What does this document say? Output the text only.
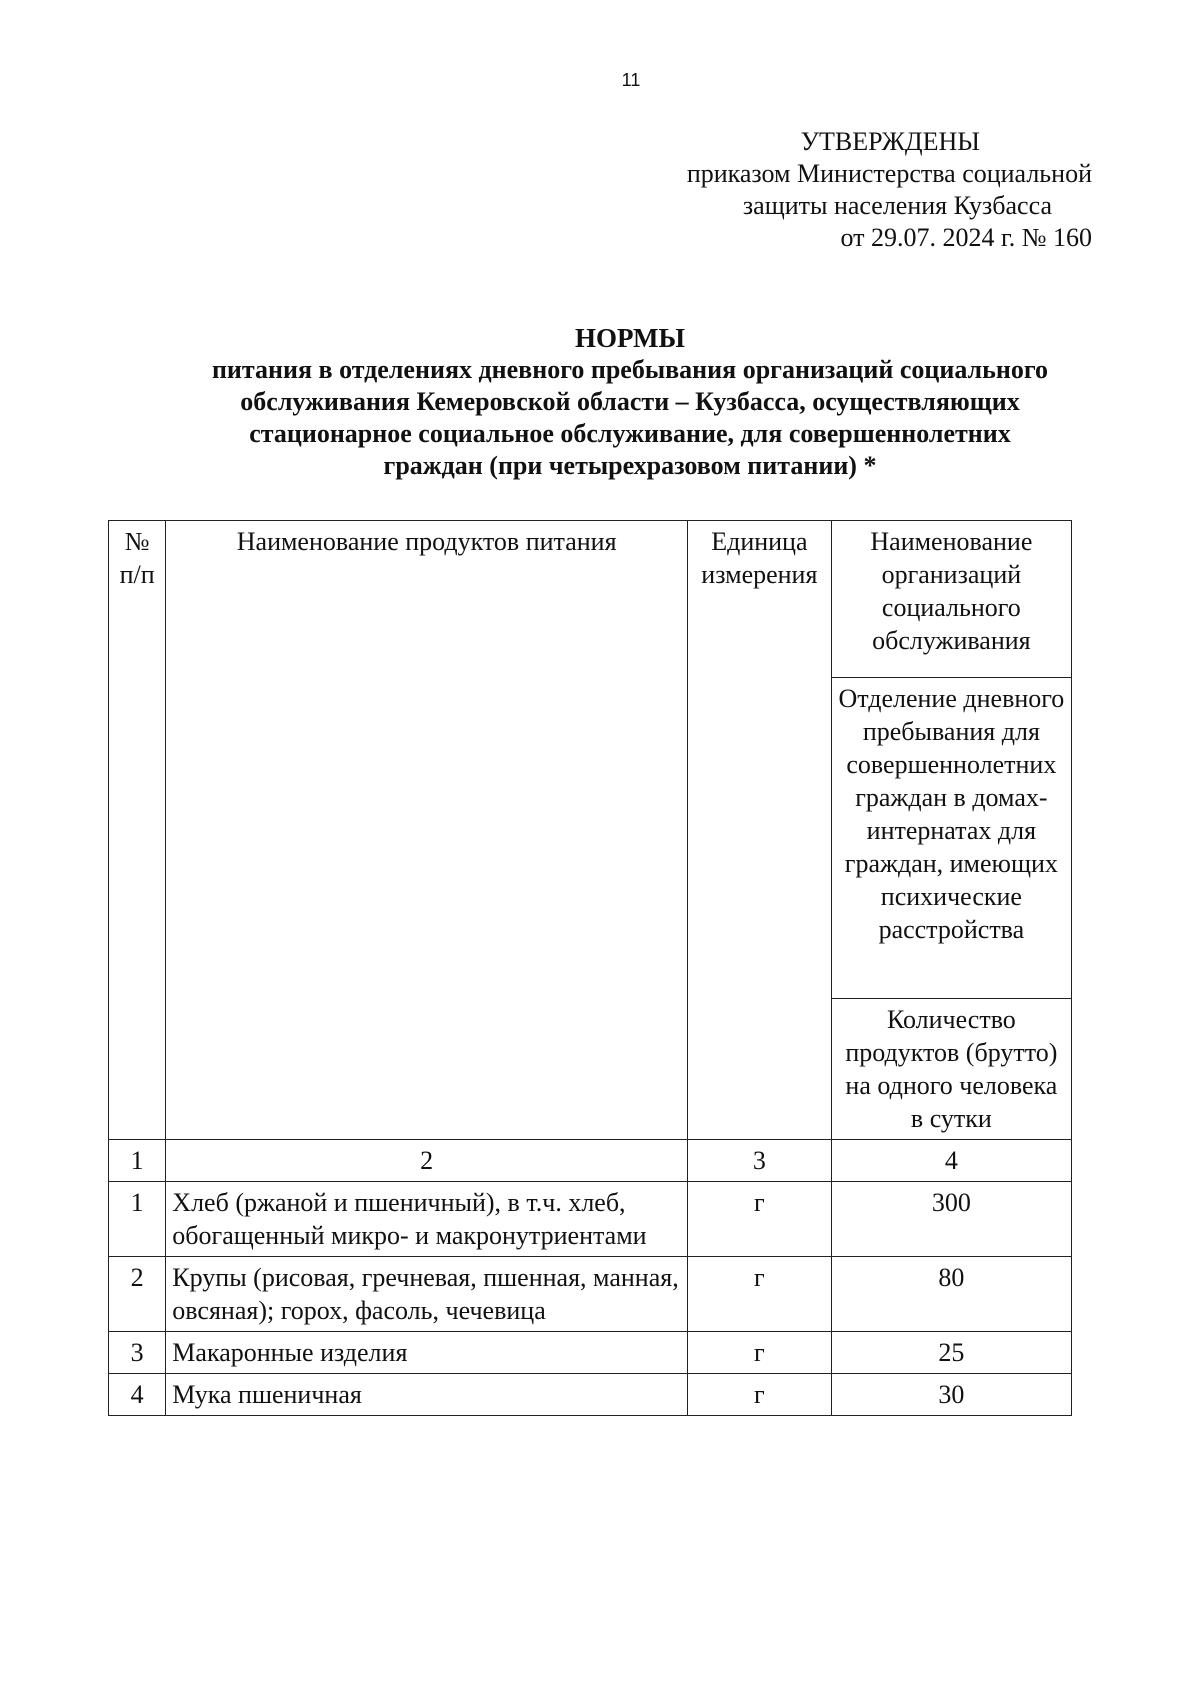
11
УТВЕРЖДЕНЫ
приказом Министерства социальной
защиты населения Кузбасса
от 29.07. 2024 г. № 160
НОРМЫ
питания в отделениях дневного пребывания организаций социального
обслуживания Кемеровской области – Кузбасса, осуществляющих
стационарное социальное обслуживание, для совершеннолетних
граждан (при четырехразовом питании) *
№ п/п	Наименование продуктов питания	Единица измерения	Наименование организаций социального обслуживания
			Отделение дневного пребывания для совершеннолетних граждан в домах-интернатах для граждан, имеющих психические расстройства
			Количество продуктов (брутто) на одного человека в сутки
1	2	3	4
1	Хлеб (ржаной и пшеничный), в т.ч. хлеб, обогащенный микро- и макронутриентами	г	300
2	Крупы (рисовая, гречневая, пшенная, манная, овсяная); горох, фасоль, чечевица	г	80
3	Макаронные изделия	г	25
4	Мука пшеничная	г	30
